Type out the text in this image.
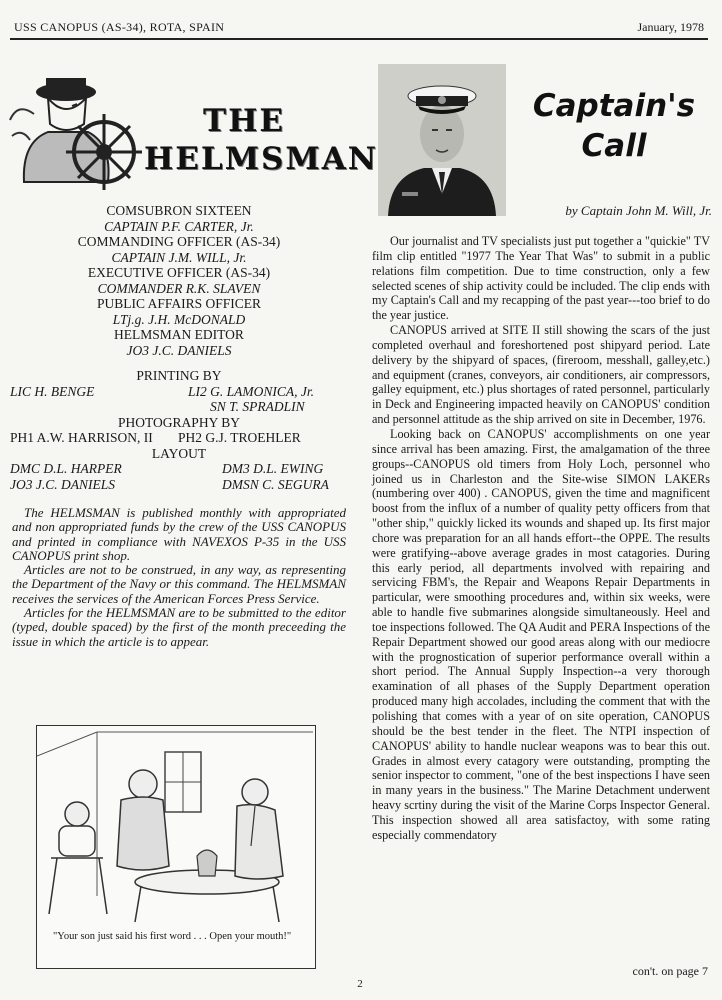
USS CANOPUS (AS-34), ROTA, SPAIN	January, 1978
THE
HELMSMAN
COMSUBRON SIXTEEN
CAPTAIN P.F. CARTER, Jr.
COMMANDING OFFICER (AS-34)
CAPTAIN J.M. WILL, Jr.
EXECUTIVE OFFICER (AS-34)
COMMANDER R.K. SLAVEN
PUBLIC AFFAIRS OFFICER
LTj.g. J.H. McDONALD
HELMSMAN EDITOR
JO3 J.C. DANIELS
PRINTING BY
LIC H. BENGE	LI2 G. LAMONICA, Jr.
SN T. SPRADLIN
PHOTOGRAPHY BY
PH1 A.W. HARRISON, II PH2 G.J. TROEHLER
LAYOUT
DMC D.L. HARPER	DM3 D.L. EWING
JO3 J.C. DANIELS	DMSN C. SEGURA

The HELMSMAN is published monthly with appropriated and non appropriated funds by the crew of the USS CANOPUS and printed in compliance with NAVEXOS P-35 in the USS CANOPUS print shop.

Articles are not to be construed, in any way, as representing the Department of the Navy or this command. The HELMSMAN receives the services of the American Forces Press Service.

Articles for the HELMSMAN are to be submitted to the editor (typed, double spaced) by the first of the month preceeding the issue in which the article is to appear.

"Your son just said his first word . . . Open your mouth!"
Captain's
Call
by Captain John M. Will, Jr.

Our journalist and TV specialists just put together a "quickie" TV film clip entitled "1977 The Year That Was" to submit in a public relations film competition. Due to time construction, only a few selected scenes of ship activity could be included. The clip ends with my Captain's Call and my recapping of the past year---too brief to do the year justice.

CANOPUS arrived at SITE II still showing the scars of the just completed overhaul and foreshortened post shipyard period. Late delivery by the shipyard of spaces, (fireroom, messhall, galley,etc.) and equipment (cranes, conveyors, air conditioners, air compressors, galley equipment, etc.) plus shortages of rated personnel, particularly in Deck and Engineering impacted heavily on CANOPUS' condition and personnel attitude as the ship arrived on site in December, 1976.

Looking back on CANOPUS' accomplishments on one year since arrival has been amazing. First, the amalgamation of the three groups--CANOPUS old timers from Holy Loch, personnel who joined us in Charleston and the Site-wise SIMON LAKERs (numbering over 400) . CANOPUS, given the time and magnificent boost from the influx of a number of quality petty officers from that "other ship," quickly licked its wounds and shaped up. Its first major chore was preparation for an all hands effort--the OPPE. The results were gratifying--above average grades in most catagories. During this early period, all departments involved with repairing and servicing FBM's, the Repair and Weapons Repair Departments in particular, were smoothing procedures and, within six weeks, were able to handle five submarines alongside simultaneously. Heel and toe inspections followed. The QA Audit and PERA Inspections of the Repair Department showed our good areas along with our mediocre with the prognostication of superior performance overall within a short period. The Annual Supply Inspection--a very thorough examination of all phases of the Supply Department operation produced many high accolades, including the comment that with the polishing that comes with a year of on site operation, CANOPUS should be the best tender in the fleet. The NTPI inspection of CANOPUS' ability to handle nuclear weapons was to bear this out. Grades in almost every catagory were outstanding, prompting the senior inspector to comment, "one of the best inspections I have seen in many years in the business." The Marine Detachment underwent heavy scrtiny during the visit of the Marine Corps Inspector General. This inspection showed all area satisfactoy, with some rating especially commendatory

con't. on page 7
2
